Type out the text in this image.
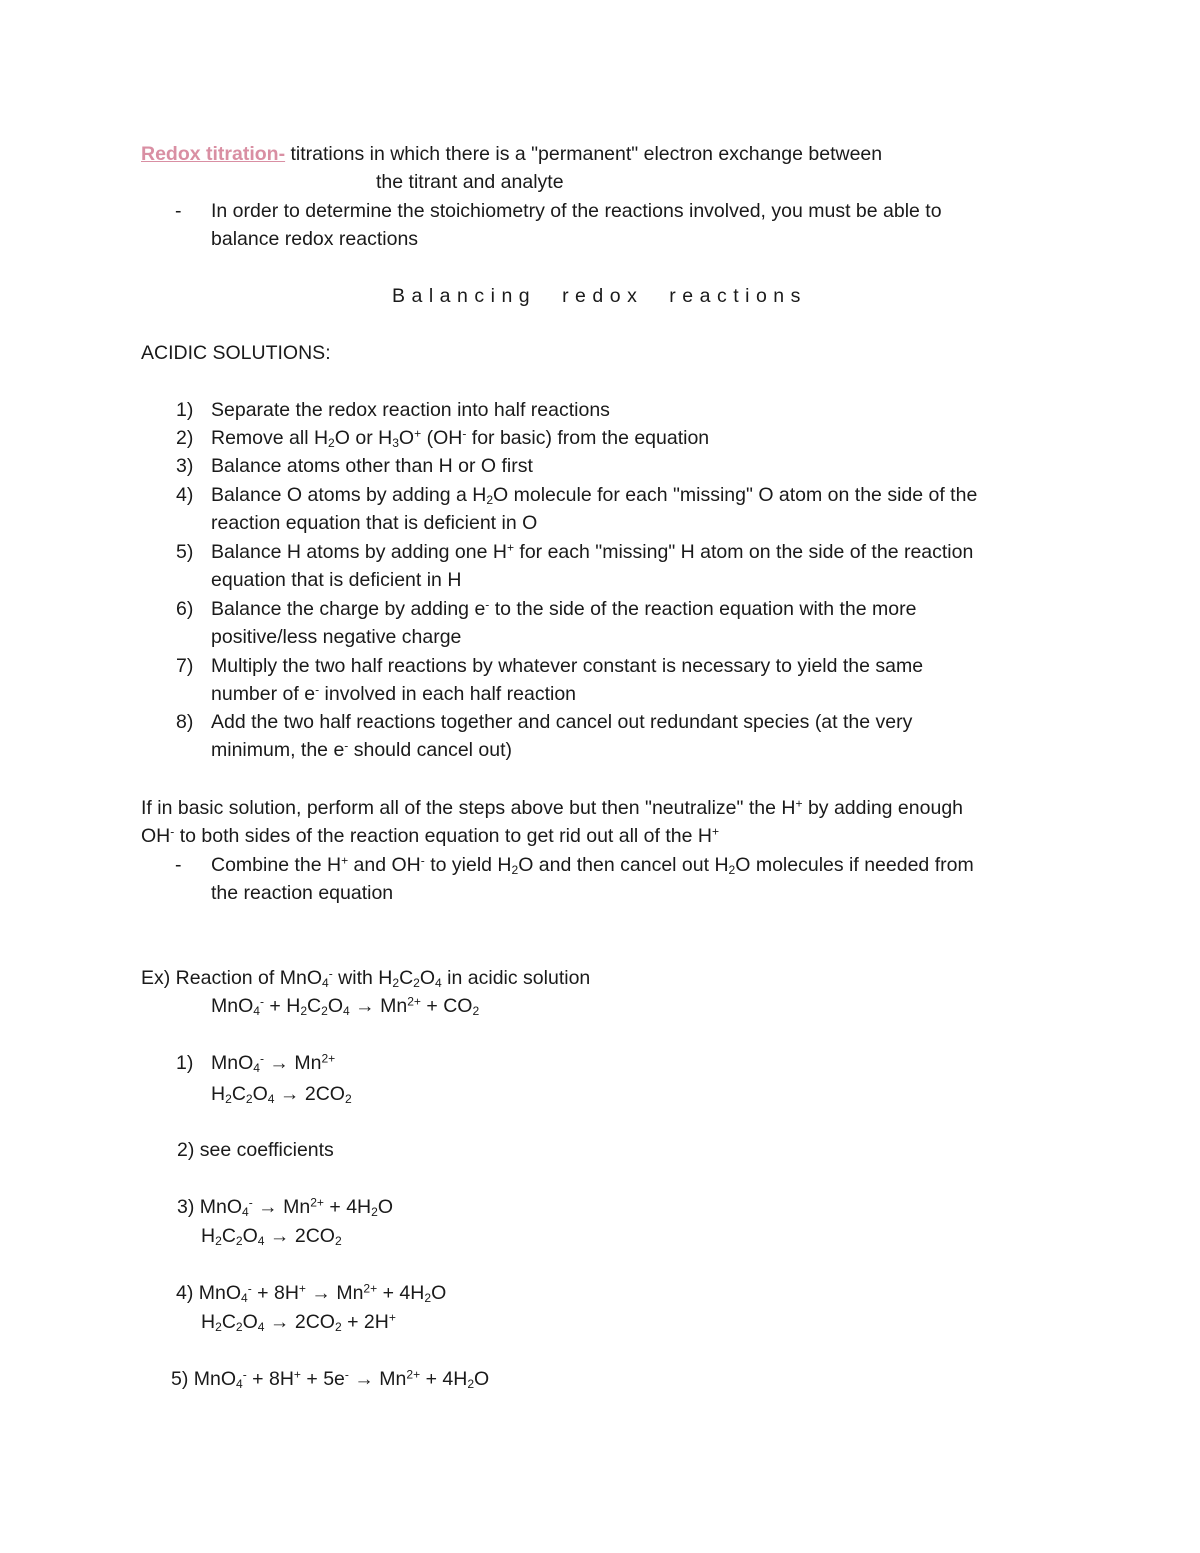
Redox titration- titrations in which there is a "permanent" electron exchange between
the titrant and analyte
- In order to determine the stoichiometry of the reactions involved, you must be able to
balance redox reactions
Balancing redox reactions
ACIDIC SOLUTIONS:
1) Separate the redox reaction into half reactions
2) Remove all $H_2O$ or $H_3O^+$ (OH- for basic) from the equation
3) Balance atoms other than H or O first
4) Balance O atoms by adding a $H_2O$ molecule for each "missing" O atom on the side of the
reaction equation that is deficient in O
5) Balance H atoms by adding one H+ for each "missing" H atom on the side of the reaction
equation that is deficient in H
6) Balance the charge by adding e- to the side of the reaction equation with the more
positive/less negative charge
7) Multiply the two half reactions by whatever constant is necessary to yield the same
number of e- involved in each half reaction
8) Add the two half reactions together and cancel out redundant species (at the very
minimum, the e- should cancel out)
If in basic solution, perform all of the steps above but then "neutralize" the H+ by adding enough
OH- to both sides of the reaction equation to get rid out all of the H+
- Combine the H+ and OH- to yield $H_2O$ and then cancel out $H_2O$ molecules if needed from
the reaction equation
Ex) Reaction of MnO$_4$- with $H_2C_2O_4$ in acidic solution
$MnO_4^- + H_2C_2O_4 \to Mn^{2+} + CO_2$
1) $MnO_4^- \to Mn^{2+}$
$H_2C_2O_4 \to 2CO_2$
2) see coefficients
3) $MnO_4^- \to Mn^{2+} + 4H_2O$
$H_2C_2O_4 \to 2CO_2$
4) $MnO_4^- + 8H^+ \to Mn^{2+} + 4H_2O$
$H_2C_2O_4 \to 2CO_2 + 2H^+$
5) $MnO_4^- + 8H^+ + 5e^- \to Mn^{2+} + 4H_2O$
